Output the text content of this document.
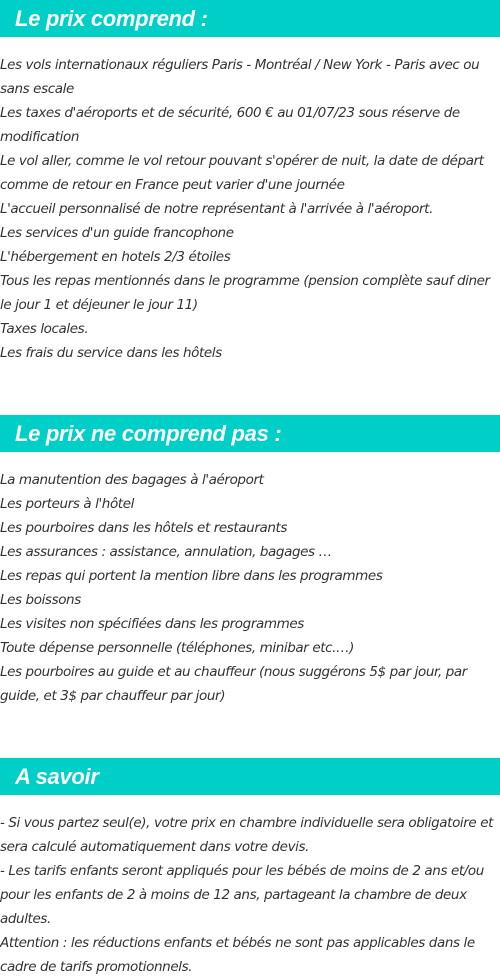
Le prix comprend :
Les vols internationaux réguliers Paris - Montréal / New York - Paris avec ou sans escale
Les taxes d'aéroports et de sécurité, 600 € au 01/07/23 sous réserve de modification
Le vol aller, comme le vol retour pouvant s'opérer de nuit, la date de départ comme de retour en France peut varier d'une journée
L'accueil personnalisé de notre représentant à l'arrivée à l'aéroport.
Les services d'un guide francophone
L'hébergement en hotels 2/3 étoiles
Tous les repas mentionnés dans le programme (pension complète sauf diner le jour 1 et déjeuner le jour 11)
Taxes locales.
Les frais du service dans les hôtels
Le prix ne comprend pas :
La manutention des bagages à l'aéroport
Les porteurs à l'hôtel
Les pourboires dans les hôtels et restaurants
Les assurances : assistance, annulation, bagages …
Les repas qui portent la mention libre dans les programmes
Les boissons
Les visites non spécifiées dans les programmes
Toute dépense personnelle (téléphones, minibar etc.…)
Les pourboires au guide et au chauffeur (nous suggérons 5$ par jour, par guide, et 3$ par chauffeur par jour)
A savoir
- Si vous partez seul(e), votre prix en chambre individuelle sera obligatoire et sera calculé automatiquement dans votre devis.
- Les tarifs enfants seront appliqués pour les bébés de moins de 2 ans et/ou pour les enfants de 2 à moins de 12 ans, partageant la chambre de deux adultes.
Attention : les réductions enfants et bébés ne sont pas applicables dans le cadre de tarifs promotionnels.
